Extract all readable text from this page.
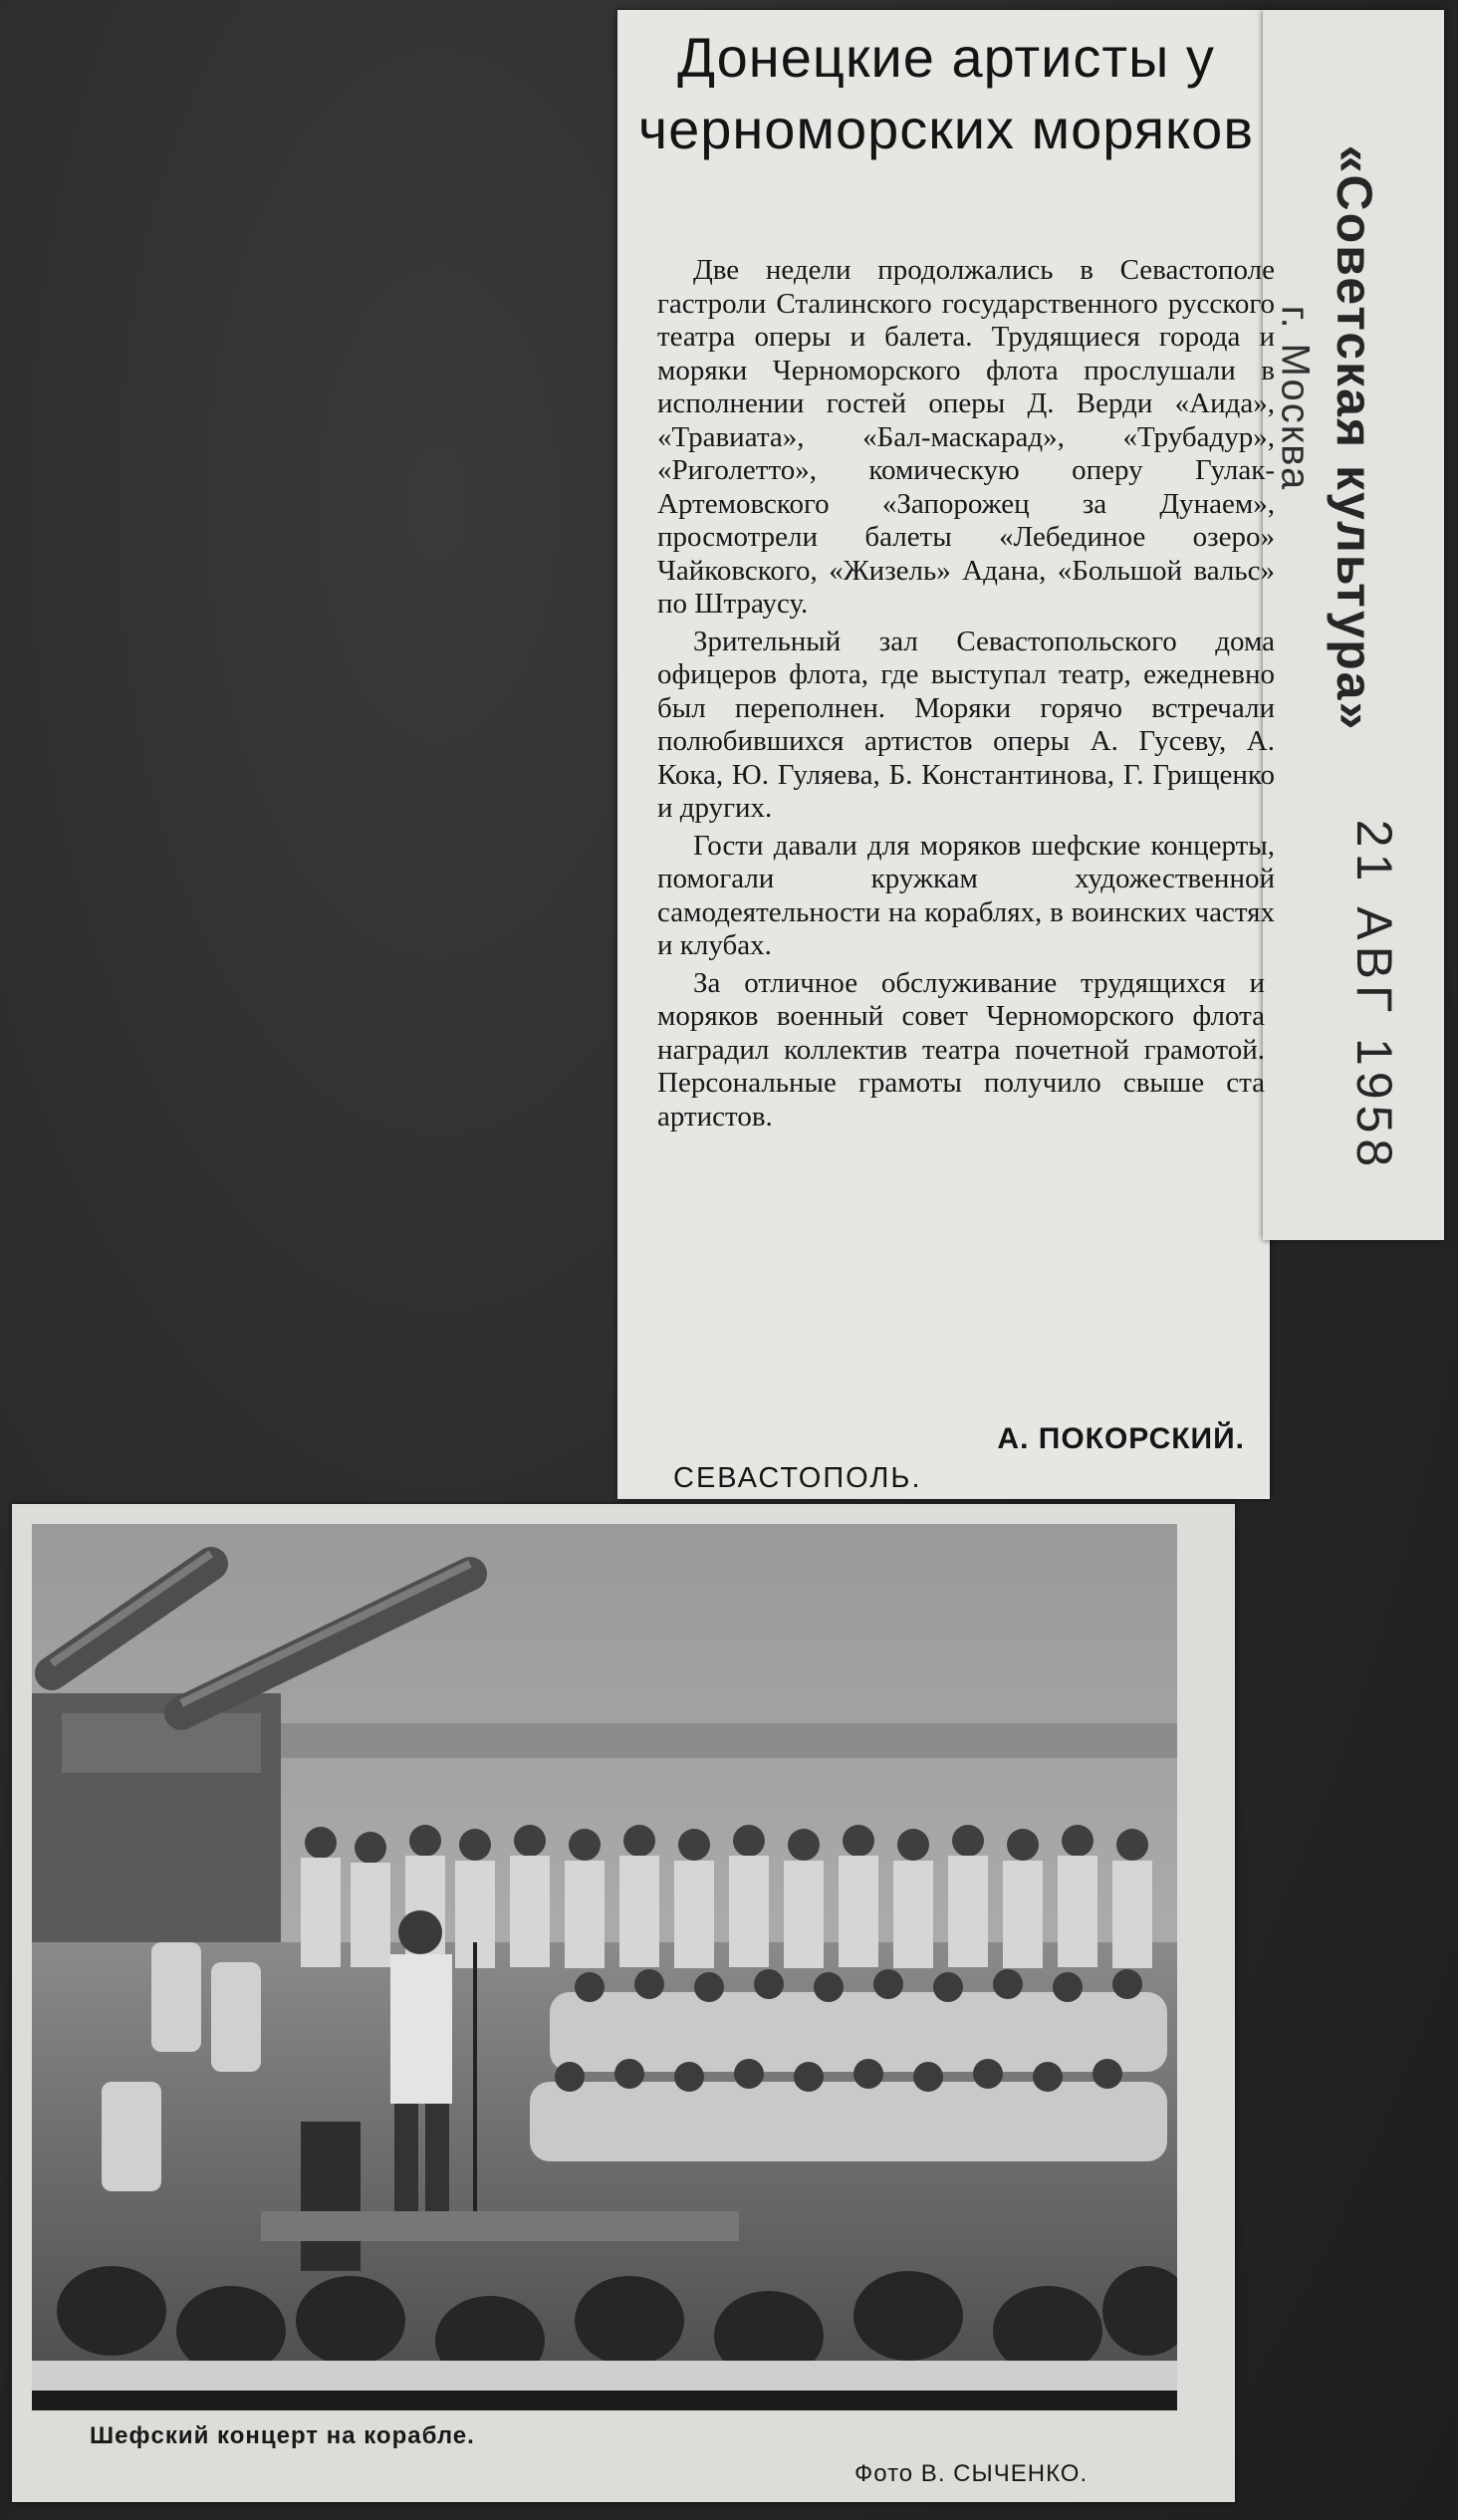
Донецкие артисты у черноморских моряков

Две недели продолжались в Севастополе гастроли Сталинского государственного русского театра оперы и балета. Трудящиеся города и моряки Черноморского флота прослушали в исполнении гостей оперы Д. Верди «Аида», «Травиата», «Бал-маскарад», «Трубадур», «Риголетто», комическую оперу Гулак-Артемовского «Запорожец за Дунаем», просмотрели балеты «Лебединое озеро» Чайковского, «Жизель» Адана, «Большой вальс» по Штраусу.

Зрительный зал Севастопольского дома офицеров флота, где выступал театр, ежедневно был переполнен. Моряки горячо встречали полюбившихся артистов оперы А. Гусеву, А. Кока, Ю. Гуляева, Б. Константинова, Г. Грищенко и других.

Гости давали для моряков шефские концерты, помогали кружкам художественной самодеятельности на кораблях, в воинских частях и клубах.

За отличное обслуживание трудящихся и моряков военный совет Черноморского флота наградил коллектив театра почетной грамотой. Персональные грамоты получило свыше ста артистов.

А. ПОКОРСКИЙ.
СЕВАСТОПОЛЬ.
г. Москва «Советская культура»
21 АВГ 1958
Шефский концерт на корабле.
Фото В. СЫЧЕНКО.
